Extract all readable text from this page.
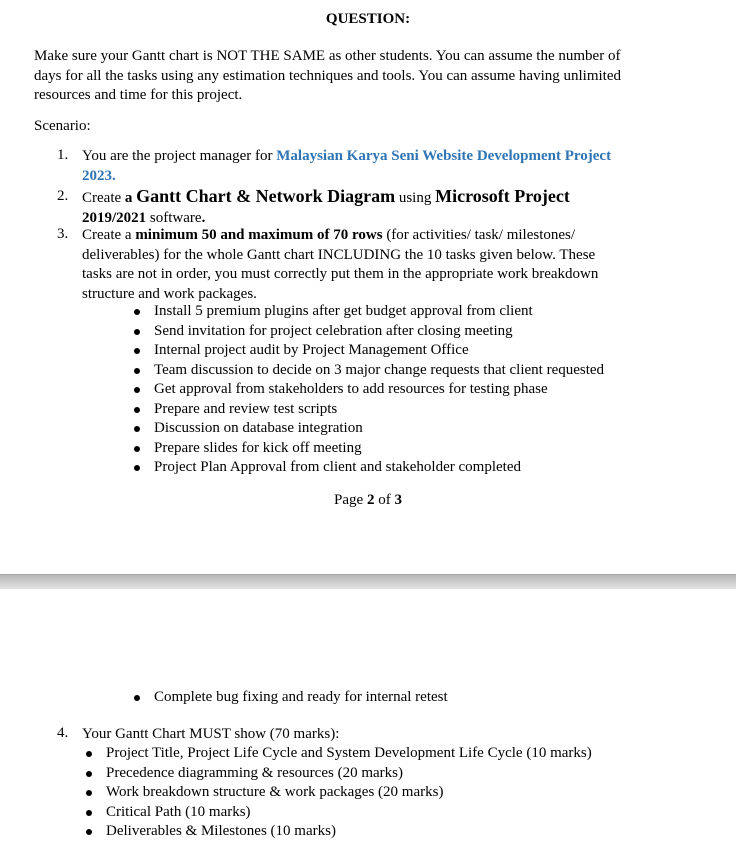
QUESTION:
Make sure your Gantt chart is NOT THE SAME as other students. You can assume the number of
days for all the tasks using any estimation techniques and tools. You can assume having unlimited
resources and time for this project.
Scenario:
1. You are the project manager for Malaysian Karya Seni Website Development Project
2023.
2. Create a Gantt Chart & Network Diagram using Microsoft Project
2019/2021 software.
3. Create a minimum 50 and maximum of 70 rows (for activities/ task/ milestones/
deliverables) for the whole Gantt chart INCLUDING the 10 tasks given below. These
tasks are not in order, you must correctly put them in the appropriate work breakdown
structure and work packages.
Install 5 premium plugins after get budget approval from client
Send invitation for project celebration after closing meeting
Internal project audit by Project Management Office
Team discussion to decide on 3 major change requests that client requested
Get approval from stakeholders to add resources for testing phase
Prepare and review test scripts
Discussion on database integration
Prepare slides for kick off meeting
Project Plan Approval from client and stakeholder completed
Page 2 of 3
Complete bug fixing and ready for internal retest
4. Your Gantt Chart MUST show (70 marks):
Project Title, Project Life Cycle and System Development Life Cycle (10 marks)
Precedence diagramming & resources (20 marks)
Work breakdown structure & work packages (20 marks)
Critical Path (10 marks)
Deliverables & Milestones (10 marks)
